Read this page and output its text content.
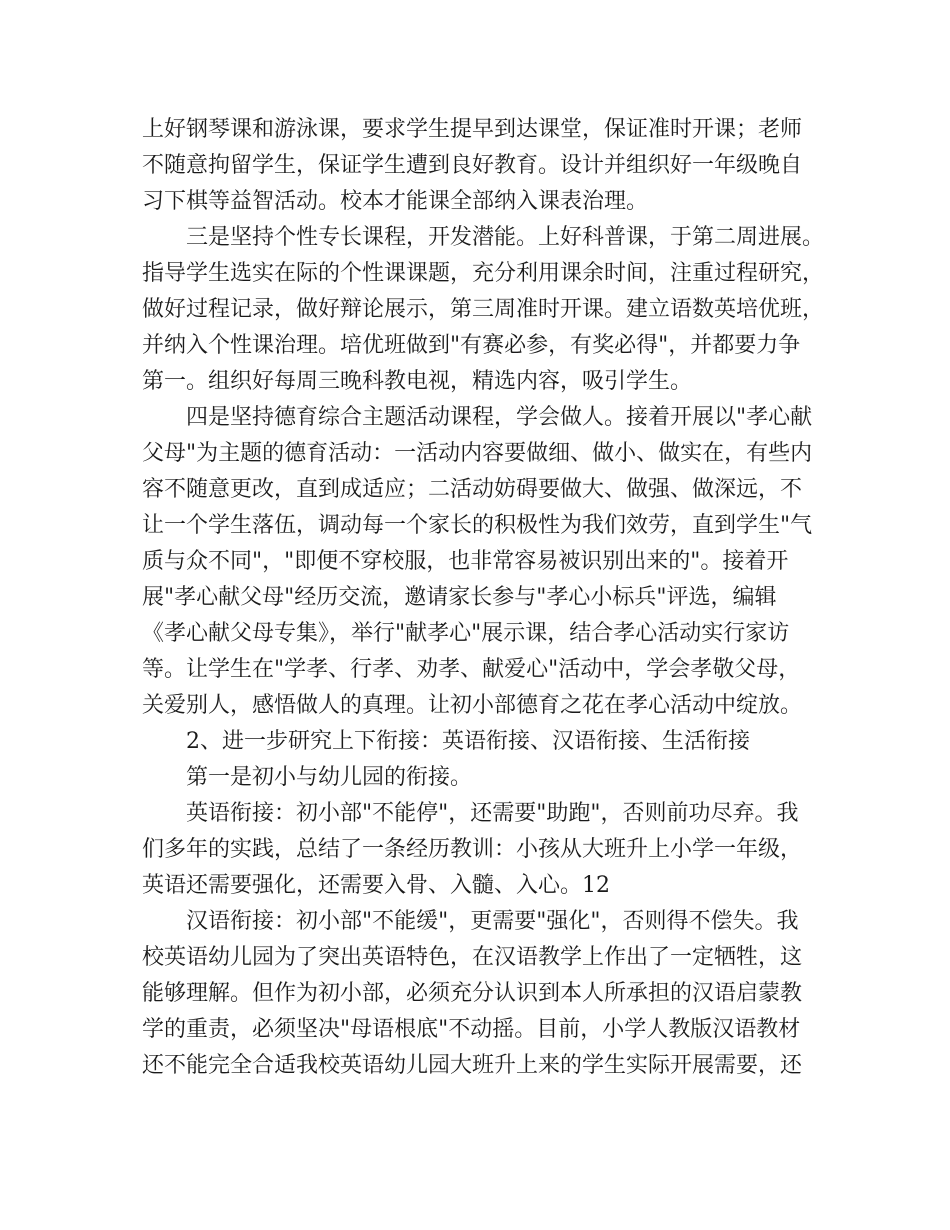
上好钢琴课和游泳课，要求学生提早到达课堂，保证准时开课；老师
不随意拘留学生，保证学生遭到良好教育。设计并组织好一年级晚自
习下棋等益智活动。校本才能课全部纳入课表治理。
三是坚持个性专长课程，开发潜能。上好科普课，于第二周进展。
指导学生选实在际的个性课课题，充分利用课余时间，注重过程研究，
做好过程记录，做好辩论展示，第三周准时开课。建立语数英培优班，
并纳入个性课治理。培优班做到"有赛必参，有奖必得"，并都要力争
第一。组织好每周三晚科教电视，精选内容，吸引学生。
四是坚持德育综合主题活动课程，学会做人。接着开展以"孝心献
父母"为主题的德育活动：一活动内容要做细、做小、做实在，有些内
容不随意更改，直到成适应；二活动妨碍要做大、做强、做深远，不
让一个学生落伍，调动每一个家长的积极性为我们效劳，直到学生"气
质与众不同"，"即便不穿校服，也非常容易被识别出来的"。接着开
展"孝心献父母"经历交流，邀请家长参与"孝心小标兵"评选，编辑
《孝心献父母专集》，举行"献孝心"展示课，结合孝心活动实行家访
等。让学生在"学孝、行孝、劝孝、献爱心"活动中，学会孝敬父母，
关爱别人，感悟做人的真理。让初小部德育之花在孝心活动中绽放。
2、进一步研究上下衔接：英语衔接、汉语衔接、生活衔接
第一是初小与幼儿园的衔接。
英语衔接：初小部"不能停"，还需要"助跑"，否则前功尽弃。我
们多年的实践，总结了一条经历教训：小孩从大班升上小学一年级，
英语还需要强化，还需要入骨、入髓、入心。12
汉语衔接：初小部"不能缓"，更需要"强化"，否则得不偿失。我
校英语幼儿园为了突出英语特色，在汉语教学上作出了一定牺牲，这
能够理解。但作为初小部，必须充分认识到本人所承担的汉语启蒙教
学的重责，必须坚决"母语根底"不动摇。目前，小学人教版汉语教材
还不能完全合适我校英语幼儿园大班升上来的学生实际开展需要，还
